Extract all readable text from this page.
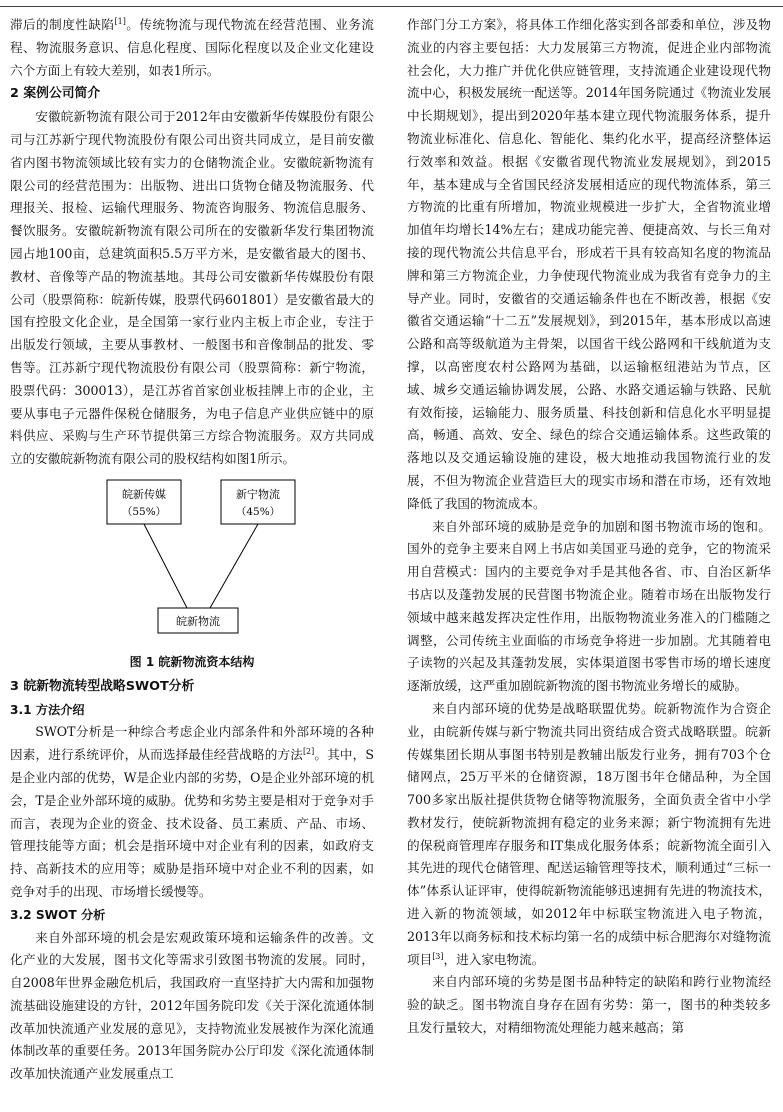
滞后的制度性缺陷[1]。传统物流与现代物流在经营范围、业务流程、物流服务意识、信息化程度、国际化程度以及企业文化建设六个方面上有较大差别，如表1所示。

2 案例公司简介

安徽皖新物流有限公司于2012年由安徽新华传媒股份有限公司与江苏新宁现代物流股份有限公司出资共同成立，是目前安徽省内图书物流领域比较有实力的仓储物流企业。安徽皖新物流有限公司的经营范围为：出版物、进出口货物仓储及物流服务、代理报关、报检、运输代理服务、物流咨询服务、物流信息服务、餐饮服务。安徽皖新物流有限公司所在的安徽新华发行集团物流园占地100亩，总建筑面积5.5万平方米，是安徽省最大的图书、教材、音像等产品的物流基地。其母公司安徽新华传媒股份有限公司（股票简称：皖新传媒，股票代码601801）是安徽省最大的国有控股文化企业，是全国第一家行业内主板上市企业，专注于出版发行领域，主要从事教材、一般图书和音像制品的批发、零售等。江苏新宁现代物流股份有限公司（股票简称：新宁物流，股票代码：300013），是江苏省首家创业板挂牌上市的企业，主要从事电子元器件保税仓储服务，为电子信息产业供应链中的原料供应、采购与生产环节提供第三方综合物流服务。双方共同成立的安徽皖新物流有限公司的股权结构如图1所示。

皖新传媒
（55%）
新宁物流
（45%）
皖新物流
图 1 皖新物流资本结构
3 皖新物流转型战略SWOT分析
3.1 方法介绍

SWOT分析是一种综合考虑企业内部条件和外部环境的各种因素，进行系统评价，从而选择最佳经营战略的方法[2]。其中，S是企业内部的优势，W是企业内部的劣势，O是企业外部环境的机会，T是企业外部环境的威胁。优势和劣势主要是相对于竞争对手而言，表现为企业的资金、技术设备、员工素质、产品、市场、管理技能等方面；机会是指环境中对企业有利的因素，如政府支持、高新技术的应用等；威胁是指环境中对企业不利的因素，如竞争对手的出现、市场增长缓慢等。

3.2 SWOT 分析

来自外部环境的机会是宏观政策环境和运输条件的改善。文化产业的大发展，图书文化等需求引致图书物流的发展。同时，自2008年世界金融危机后，我国政府一直坚持扩大内需和加强物流基础设施建设的方针，2012年国务院印发《关于深化流通体制改革加快流通产业发展的意见》，支持物流业发展被作为深化流通体制改革的重要任务。2013年国务院办公厅印发《深化流通体制改革加快流通产业发展重点工

作部门分工方案》，将具体工作细化落实到各部委和单位，涉及物流业的内容主要包括：大力发展第三方物流，促进企业内部物流社会化，大力推广并优化供应链管理，支持流通企业建设现代物流中心，积极发展统一配送等。2014年国务院通过《物流业发展中长期规划》，提出到2020年基本建立现代物流服务体系，提升物流业标准化、信息化、智能化、集约化水平，提高经济整体运行效率和效益。根据《安徽省现代物流业发展规划》，到2015年，基本建成与全省国民经济发展相适应的现代物流体系，第三方物流的比重有所增加，物流业规模进一步扩大，全省物流业增加值年均增长14%左右；建成功能完善、便捷高效、与长三角对接的现代物流公共信息平台，形成若干具有较高知名度的物流品牌和第三方物流企业，力争使现代物流业成为我省有竞争力的主导产业。同时，安徽省的交通运输条件也在不断改善，根据《安徽省交通运输“十二五”发展规划》，到2015年，基本形成以高速公路和高等级航道为主骨架，以国省干线公路网和干线航道为支撑，以高密度农村公路网为基础，以运输枢纽港站为节点，区域、城乡交通运输协调发展，公路、水路交通运输与铁路、民航有效衔接，运输能力、服务质量、科技创新和信息化水平明显提高，畅通、高效、安全、绿色的综合交通运输体系。这些政策的落地以及交通运输设施的建设，极大地推动我国物流行业的发展，不但为物流企业营造巨大的现实市场和潜在市场，还有效地降低了我国的物流成本。

来自外部环境的威胁是竞争的加剧和图书物流市场的饱和。国外的竞争主要来自网上书店如美国亚马逊的竞争，它的物流采用自营模式：国内的主要竞争对手是其他各省、市、自治区新华书店以及蓬勃发展的民营图书物流企业。随着市场在出版物发行领域中越来越发挥决定性作用，出版物物流业务准入的门槛随之调整，公司传统主业面临的市场竞争将进一步加剧。尤其随着电子读物的兴起及其蓬勃发展，实体渠道图书零售市场的增长速度逐渐放缓，这严重加剧皖新物流的图书物流业务增长的威胁。

来自内部环境的优势是战略联盟优势。皖新物流作为合资企业，由皖新传媒与新宁物流共同出资结成合资式战略联盟。皖新传媒集团长期从事图书特别是教辅出版发行业务，拥有703个仓储网点，25万平米的仓储资源，18万图书年仓储品种，为全国700多家出版社提供货物仓储等物流服务，全面负责全省中小学教材发行，使皖新物流拥有稳定的业务来源；新宁物流拥有先进的保税商管理库存服务和IT集成化服务体系；皖新物流全面引入其先进的现代仓储管理、配送运输管理等技术，顺利通过“三标一体”体系认证评审，使得皖新物流能够迅速拥有先进的物流技术，进入新的物流领域，如2012年中标联宝物流进入电子物流，2013年以商务标和技术标均第一名的成绩中标合肥海尔对缝物流项目[3]，进入家电物流。

来自内部环境的劣势是图书品种特定的缺陷和跨行业物流经验的缺乏。图书物流自身存在固有劣势：第一，图书的种类较多且发行量较大，对精细物流处理能力越来越高；第
